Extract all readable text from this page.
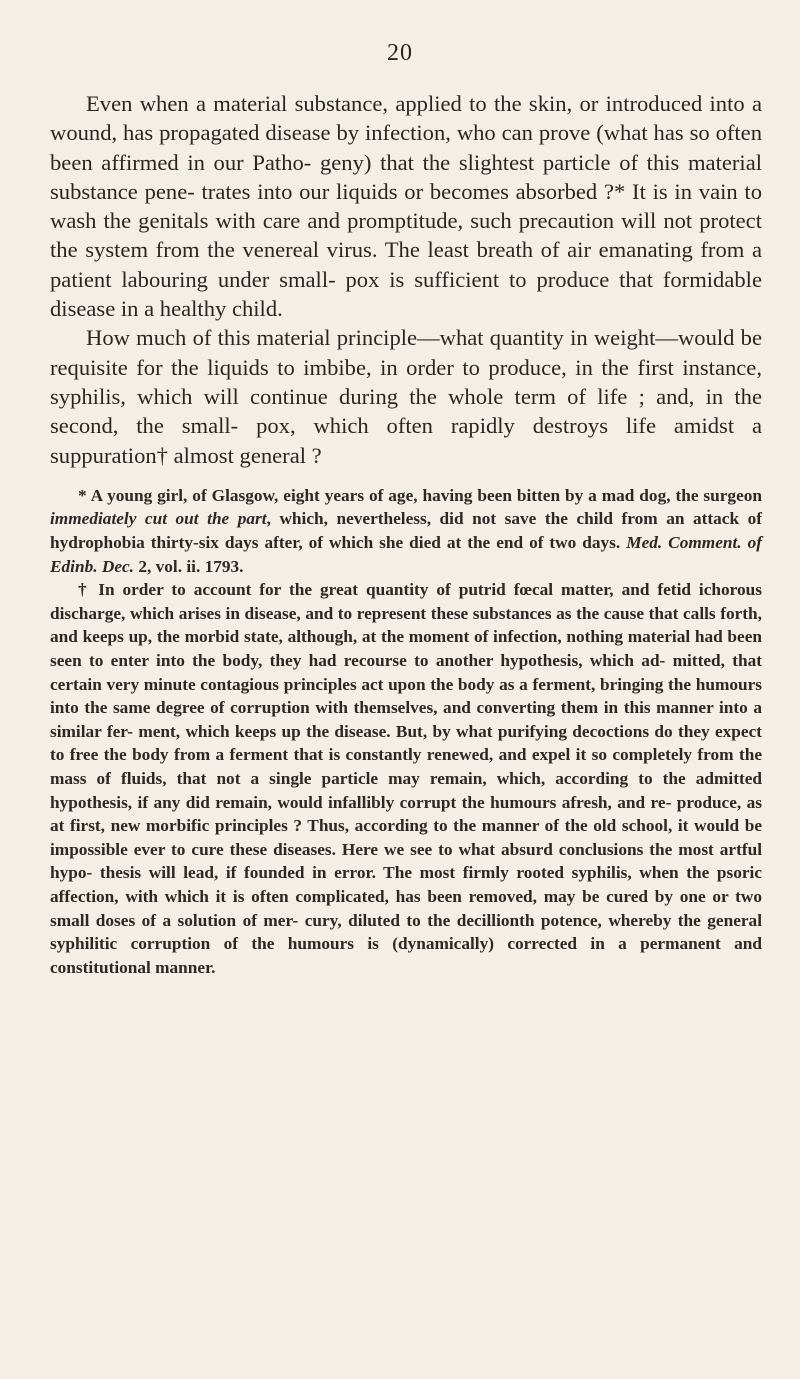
20

Even when a material substance, applied to the skin, or introduced into a wound, has propagated disease by infection, who can prove (what has so often been affirmed in our Patho- geny) that the slightest particle of this material substance pene- trates into our liquids or becomes absorbed ?* It is in vain to wash the genitals with care and promptitude, such precaution will not protect the system from the venereal virus. The least breath of air emanating from a patient labouring under small- pox is sufficient to produce that formidable disease in a healthy child.

How much of this material principle—what quantity in weight—would be requisite for the liquids to imbibe, in order to produce, in the first instance, syphilis, which will continue during the whole term of life ; and, in the second, the small- pox, which often rapidly destroys life amidst a suppuration† almost general ?

* A young girl, of Glasgow, eight years of age, having been bitten by a mad dog, the surgeon immediately cut out the part, which, nevertheless, did not save the child from an attack of hydrophobia thirty-six days after, of which she died at the end of two days. Med. Comment. of Edinb. Dec. 2, vol. ii. 1793.

† In order to account for the great quantity of putrid fœcal matter, and fetid ichorous discharge, which arises in disease, and to represent these substances as the cause that calls forth, and keeps up, the morbid state, although, at the moment of infection, nothing material had been seen to enter into the body, they had recourse to another hypothesis, which ad- mitted, that certain very minute contagious principles act upon the body as a ferment, bringing the humours into the same degree of corruption with themselves, and converting them in this manner into a similar fer- ment, which keeps up the disease. But, by what purifying decoctions do they expect to free the body from a ferment that is constantly renewed, and expel it so completely from the mass of fluids, that not a single particle may remain, which, according to the admitted hypothesis, if any did remain, would infallibly corrupt the humours afresh, and re- produce, as at first, new morbific principles ? Thus, according to the manner of the old school, it would be impossible ever to cure these diseases. Here we see to what absurd conclusions the most artful hypo- thesis will lead, if founded in error. The most firmly rooted syphilis, when the psoric affection, with which it is often complicated, has been removed, may be cured by one or two small doses of a solution of mer- cury, diluted to the decillionth potence, whereby the general syphilitic corruption of the humours is (dynamically) corrected in a permanent and constitutional manner.
